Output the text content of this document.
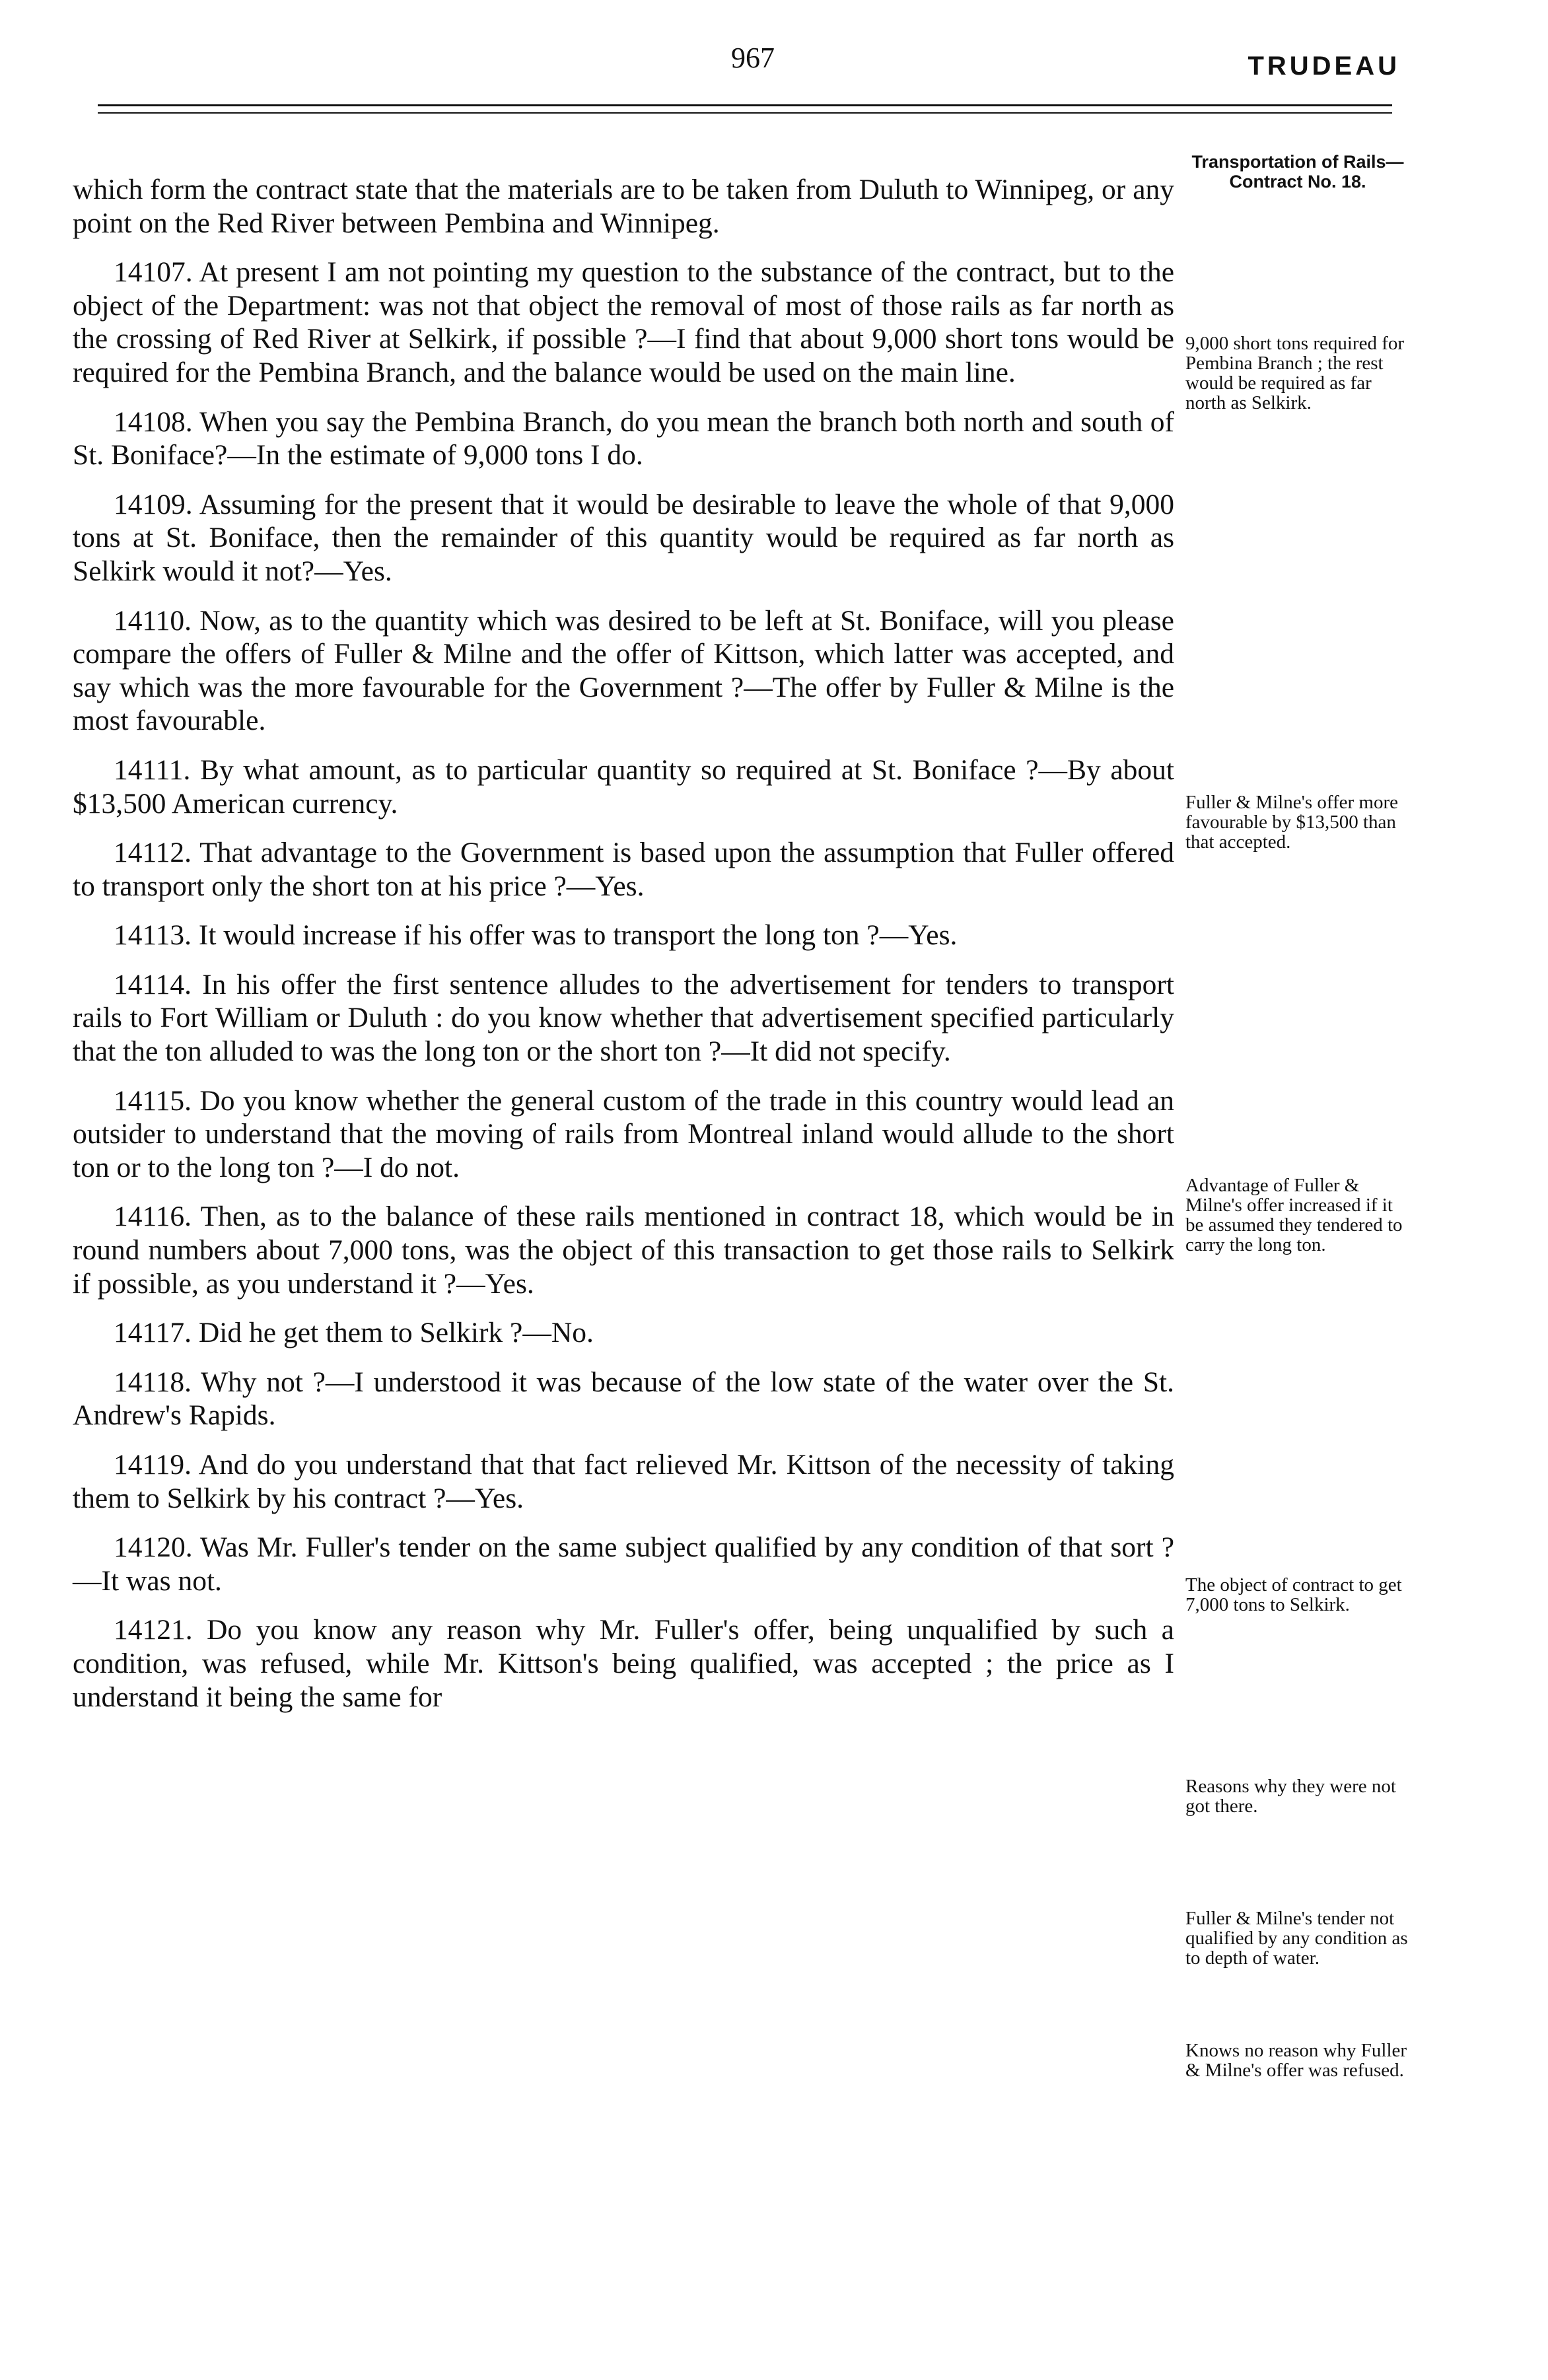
967	TRUDEAU

which form the contract state that the materials are to be taken from Duluth to Winnipeg, or any point on the Red River between Pembina and Winnipeg.

14107. At present I am not pointing my question to the substance of the contract, but to the object of the Department: was not that object the removal of most of those rails as far north as the crossing of Red River at Selkirk, if possible ?—I find that about 9,000 short tons would be required for the Pembina Branch, and the balance would be used on the main line.

14108. When you say the Pembina Branch, do you mean the branch both north and south of St. Boniface?—In the estimate of 9,000 tons I do.

14109. Assuming for the present that it would be desirable to leave the whole of that 9,000 tons at St. Boniface, then the remainder of this quantity would be required as far north as Selkirk would it not?—Yes.

14110. Now, as to the quantity which was desired to be left at St. Boniface, will you please compare the offers of Fuller & Milne and the offer of Kittson, which latter was accepted, and say which was the more favourable for the Government ?—The offer by Fuller & Milne is the most favourable.

14111. By what amount, as to particular quantity so required at St. Boniface ?—By about $13,500 American currency.

14112. That advantage to the Government is based upon the assumption that Fuller offered to transport only the short ton at his price ?—Yes.

14113. It would increase if his offer was to transport the long ton ?—Yes.

14114. In his offer the first sentence alludes to the advertisement for tenders to transport rails to Fort William or Duluth : do you know whether that advertisement specified particularly that the ton alluded to was the long ton or the short ton ?—It did not specify.

14115. Do you know whether the general custom of the trade in this country would lead an outsider to understand that the moving of rails from Montreal inland would allude to the short ton or to the long ton ?—I do not.

14116. Then, as to the balance of these rails mentioned in contract 18, which would be in round numbers about 7,000 tons, was the object of this transaction to get those rails to Selkirk if possible, as you understand it ?—Yes.

14117. Did he get them to Selkirk ?—No.

14118. Why not ?—I understood it was because of the low state of the water over the St. Andrew's Rapids.

14119. And do you understand that that fact relieved Mr. Kittson of the necessity of taking them to Selkirk by his contract ?—Yes.

14120. Was Mr. Fuller's tender on the same subject qualified by any condition of that sort ?—It was not.

14121. Do you know any reason why Mr. Fuller's offer, being unqualified by such a condition, was refused, while Mr. Kittson's being qualified, was accepted ; the price as I understand it being the same for

Transportation of Rails— Contract No. 18.
9,000 short tons required for Pembina Branch ; the rest would be required as far north as Selkirk.
Fuller & Milne's offer more favourable by $13,500 than that accepted.
Advantage of Fuller & Milne's offer increased if it be assumed they tendered to carry the long ton.
The object of contract to get 7,000 tons to Selkirk.
Reasons why they were not got there.
Fuller & Milne's tender not qualified by any condition as to depth of water.
Knows no reason why Fuller & Milne's offer was refused.
